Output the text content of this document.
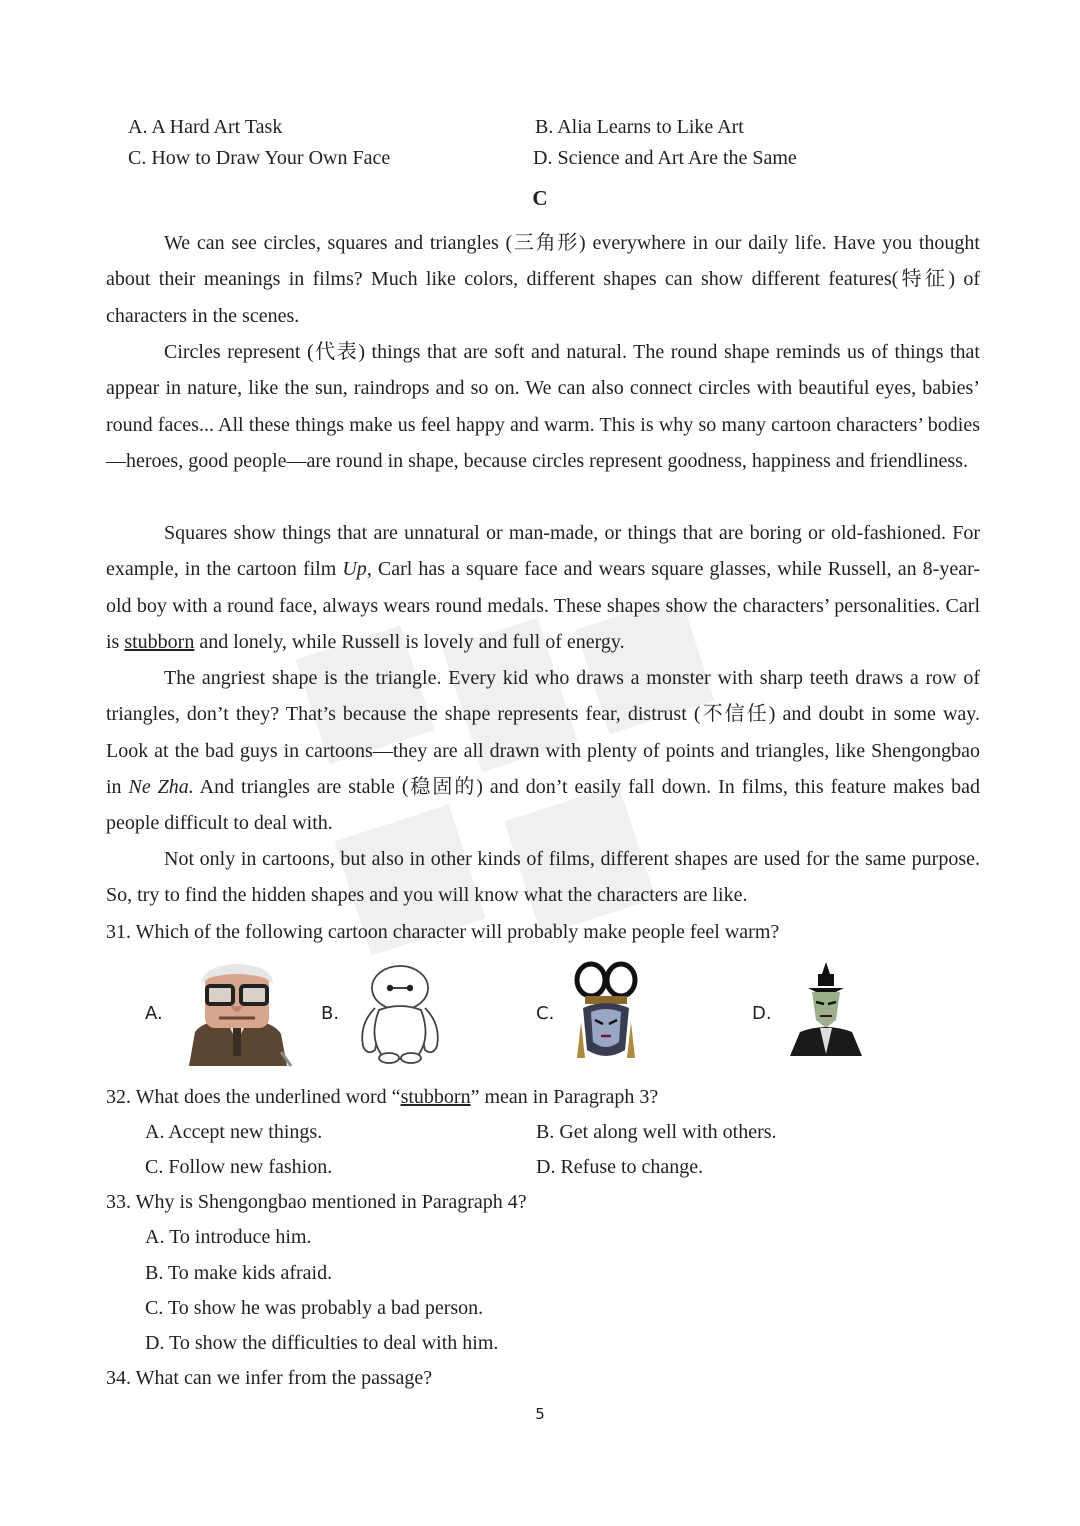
A. A Hard Art Task	B. Alia Learns to Like Art
C. How to Draw Your Own Face	D. Science and Art Are the Same
C
We can see circles, squares and triangles (三角形) everywhere in our daily life. Have you thought about their meanings in films? Much like colors, different shapes can show different features(特征) of characters in the scenes.
Circles represent (代表) things that are soft and natural. The round shape reminds us of things that appear in nature, like the sun, raindrops and so on. We can also connect circles with beautiful eyes, babies’ round faces... All these things make us feel happy and warm. This is why so many cartoon characters’ bodies—heroes, good people—are round in shape, because circles represent goodness, happiness and friendliness.
Squares show things that are unnatural or man-made, or things that are boring or old-fashioned. For example, in the cartoon film Up, Carl has a square face and wears square glasses, while Russell, an 8-year-old boy with a round face, always wears round medals. These shapes show the characters’ personalities. Carl is stubborn and lonely, while Russell is lovely and full of energy.
The angriest shape is the triangle. Every kid who draws a monster with sharp teeth draws a row of triangles, don’t they? That’s because the shape represents fear, distrust (不信任) and doubt in some way. Look at the bad guys in cartoons—they are all drawn with plenty of points and triangles, like Shengongbao in Ne Zha. And triangles are stable (稳固的) and don’t easily fall down. In films, this feature makes bad people difficult to deal with.
Not only in cartoons, but also in other kinds of films, different shapes are used for the same purpose. So, try to find the hidden shapes and you will know what the characters are like.
31. Which of the following cartoon character will probably make people feel warm?
A.	B.	C.	D.
32. What does the underlined word “stubborn” mean in Paragraph 3?
A. Accept new things.	B. Get along well with others.
C. Follow new fashion.	D. Refuse to change.
33. Why is Shengongbao mentioned in Paragraph 4?
A. To introduce him.
B. To make kids afraid.
C. To show he was probably a bad person.
D. To show the difficulties to deal with him.
34. What can we infer from the passage?
5
